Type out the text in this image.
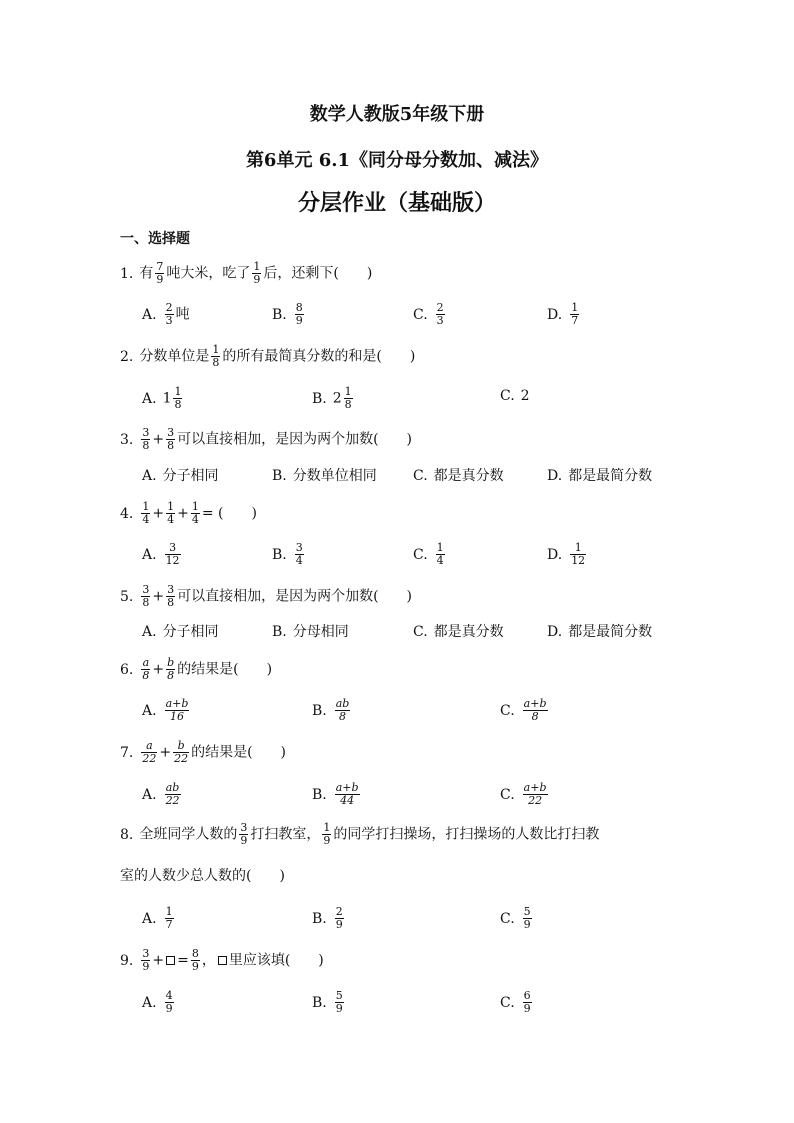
数学人教版5年级下册
第6单元 6.1《同分母分数加、减法》
分层作业（基础版）
一、选择题
1. 有 $\frac{7}{9}$ 吨大米，吃了 $\frac{1}{9}$ 后，还剩下(　　)
A. $\frac{2}{3}$ 吨	B. $\frac{8}{9}$	C. $\frac{2}{3}$	D. $\frac{1}{7}$
2. 分数单位是 $\frac{1}{8}$ 的所有最简真分数的和是(　　)
A. $1 \frac{1}{8}$	B. $2 \frac{1}{8}$	C. 2
3. $\frac{3}{8} + \frac{3}{8}$ 可以直接相加，是因为两个加数(　　)
A. 分子相同	B. 分数单位相同	C. 都是真分数	D. 都是最简分数
4. $\frac{1}{4} + \frac{1}{4} + \frac{1}{4}$ = (　　)
A. $\frac{3}{12}$	B. $\frac{3}{4}$	C. $\frac{1}{4}$	D. $\frac{1}{12}$
5. $\frac{3}{8} + \frac{3}{8}$ 可以直接相加，是因为两个加数(　　)
A. 分子相同	B. 分母相同	C. 都是真分数	D. 都是最简分数
6. $\frac{a}{8} + \frac{b}{8}$ 的结果是(　　)
A. $\frac{a+b}{16}$	B. $\frac{ab}{8}$	C. $\frac{a+b}{8}$
7. $\frac{a}{22} + \frac{b}{22}$ 的结果是(　　)
A. $\frac{ab}{22}$	B. $\frac{a+b}{44}$	C. $\frac{a+b}{22}$
8. 全班同学人数的 $\frac{3}{9}$ 打扫教室， $\frac{1}{9}$ 的同学打扫操场，打扫操场的人数比打扫教
室的人数少总人数的(　　)
A. $\frac{1}{7}$	B. $\frac{2}{9}$	C. $\frac{5}{9}$
9. $\frac{3}{9}$ + = $\frac{8}{9}$ ， 里应该填(　　)
A. $\frac{4}{9}$	B. $\frac{5}{9}$	C. $\frac{6}{9}$
